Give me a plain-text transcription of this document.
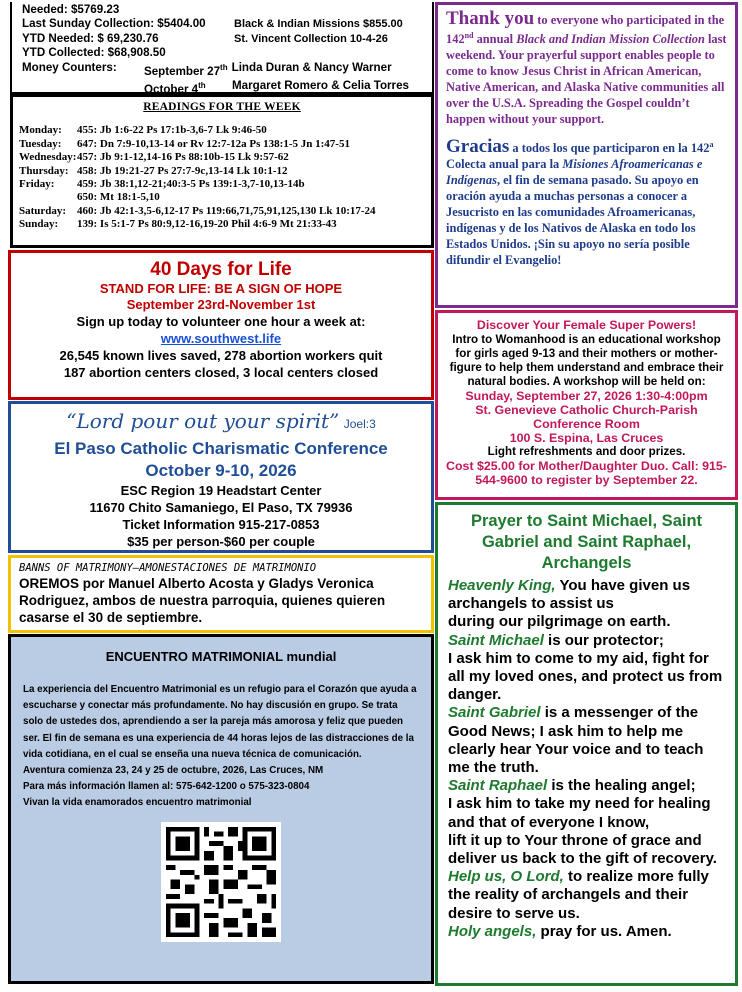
Needed: $5769.23
Last Sunday Collection: $5404.00	Black & Indian Missions $855.00
YTD Needed: $ 69,230.76	St. Vincent Collection 10-4-26
YTD Collected: $68,908.50
Money Counters:	September 27th Linda Duran & Nancy Warner
October 4th	Margaret Romero & Celia Torres
READINGS FOR THE WEEK
Monday:	455: Jb 1:6-22 Ps 17:1b-3,6-7 Lk 9:46-50
Tuesday:	647: Dn 7:9-10,13-14 or Rv 12:7-12a Ps 138:1-5 Jn 1:47-51
Wednesday: 457: Jb 9:1-12,14-16 Ps 88:10b-15 Lk 9:57-62
Thursday: 458: Jb 19:21-27 Ps 27:7-9c,13-14 Lk 10:1-12
Friday:	459: Jb 38:1,12-21;40:3-5 Ps 139:1-3,7-10,13-14b
650: Mt 18:1-5,10
Saturday: 460: Jb 42:1-3,5-6,12-17 Ps 119:66,71,75,91,125,130 Lk 10:17-24
Sunday:	139: Is 5:1-7 Ps 80:9,12-16,19-20 Phil 4:6-9 Mt 21:33-43
40 Days for Life
STAND FOR LIFE: BE A SIGN OF HOPE
September 23rd-November 1st
Sign up today to volunteer one hour a week at:
www.southwest.life
26,545 known lives saved, 278 abortion workers quit
187 abortion centers closed, 3 local centers closed
“Lord pour out your spirit” Joel:3
El Paso Catholic Charismatic Conference
October 9-10, 2026
ESC Region 19 Headstart Center
11670 Chito Samaniego, El Paso, TX 79936
Ticket Information 915-217-0853
$35 per person-$60 per couple
BANNS OF MATRIMONY—AMONESTACIONES DE MATRIMONIO
OREMOS por Manuel Alberto Acosta y Gladys Veronica Rodriguez, ambos de nuestra parroquia, quienes quieren casarse el 30 de septiembre.
ENCUENTRO MATRIMONIAL mundial
La experiencia del Encuentro Matrimonial es un refugio para el Corazón que ayuda a escucharse y conectar más profundamente. No hay discusión en grupo. Se trata solo de ustedes dos, aprendiendo a ser la pareja más amorosa y feliz que pueden ser. El fin de semana es una experiencia de 44 horas lejos de las distracciones de la vida cotidiana, en el cual se enseña una nueva técnica de comunicación.
Aventura comienza 23, 24 y 25 de octubre, 2026, Las Cruces, NM
Para más información llamen al: 575-642-1200 o 575-323-0804
Vivan la vida enamorados encuentro matrimonial
Thank you to everyone who participated in the 142nd annual Black and Indian Mission Collection last weekend. Your prayerful support enables people to come to know Jesus Christ in African American, Native American, and Alaska Native communities all over the U.S.A. Spreading the Gospel couldn’t happen without your support.
Gracias a todos los que participaron en la 142$^a$ Colecta anual para la Misiones Afroamericanas e Indígenas, el fin de semana pasado. Su apoyo en oración ayuda a muchas personas a conocer a Jesucristo en las comunidades Afroamericanas, indígenas y de los Nativos de Alaska en todo los Estados Unidos. ¡Sin su apoyo no sería posible difundir el Evangelio!
Discover Your Female Super Powers!
Intro to Womanhood is an educational workshop for girls aged 9-13 and their mothers or mother-figure to help them understand and embrace their natural bodies. A workshop will be held on:
Sunday, September 27, 2026 1:30-4:00pm
St. Genevieve Catholic Church-Parish Conference Room
100 S. Espina, Las Cruces
Light refreshments and door prizes.
Cost $25.00 for Mother/Daughter Duo. Call: 915-544-9600 to register by September 22.
Prayer to Saint Michael, Saint Gabriel and Saint Raphael, Archangels
Heavenly King, You have given us archangels to assist us
during our pilgrimage on earth.
Saint Michael is our protector;
I ask him to come to my aid, fight for all my loved ones, and protect us from danger.
Saint Gabriel is a messenger of the Good News; I ask him to help me clearly hear Your voice and to teach me the truth.
Saint Raphael is the healing angel;
I ask him to take my need for healing and that of everyone I know,
lift it up to Your throne of grace and deliver us back to the gift of recovery.
Help us, O Lord, to realize more fully the reality of archangels and their desire to serve us.
Holy angels, pray for us. Amen.
